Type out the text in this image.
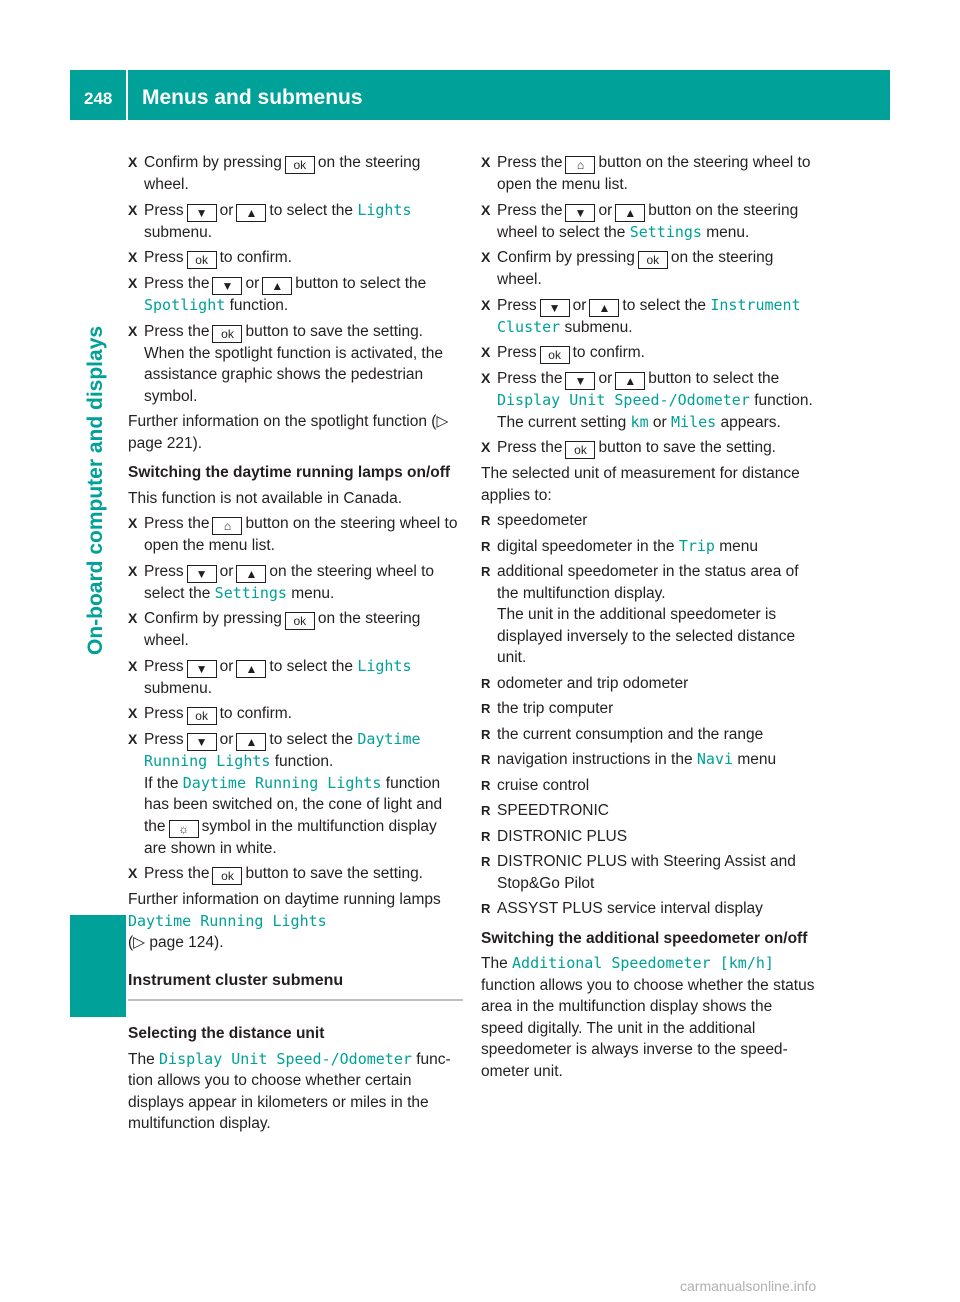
248 Menus and submenus
On-board computer and displays
X Confirm by pressing ok on the steering wheel.
X Press ▼ or ▲ to select the Lights submenu.
X Press ok to confirm.
X Press the ▼ or ▲ button to select the Spotlight function.
X Press the ok button to save the setting.
When the spotlight function is activated, the assistance graphic shows the pedestrian symbol.
Further information on the spotlight function (▷ page 221).
Switching the daytime running lamps on/off
This function is not available in Canada.
X Press the ⌂ button on the steering wheel to open the menu list.
X Press ▼ or ▲ on the steering wheel to select the Settings menu.
X Confirm by pressing ok on the steering wheel.
X Press ▼ or ▲ to select the Lights submenu.
X Press ok to confirm.
X Press ▼ or ▲ to select the Daytime Running Lights function.
If the Daytime Running Lights function has been switched on, the cone of light and the ☼ symbol in the multifunction display are shown in white.
X Press the ok button to save the setting.
Further information on daytime running lamps Daytime Running Lights
(▷ page 124).
Instrument cluster submenu
Selecting the distance unit
The Display Unit Speed-/Odometer function allows you to choose whether certain displays appear in kilometers or miles in the multifunction display.
X Press the ⌂ button on the steering wheel to open the menu list.
X Press the ▼ or ▲ button on the steering wheel to select the Settings menu.
X Confirm by pressing ok on the steering wheel.
X Press ▼ or ▲ to select the Instrument Cluster submenu.
X Press ok to confirm.
X Press the ▼ or ▲ button to select the Display Unit Speed-/Odometer function.
The current setting km or Miles appears.
X Press the ok button to save the setting.
The selected unit of measurement for distance applies to:
R speedometer
R digital speedometer in the Trip menu
R additional speedometer in the status area of the multifunction display.
The unit in the additional speedometer is displayed inversely to the selected distance unit.
R odometer and trip odometer
R the trip computer
R the current consumption and the range
R navigation instructions in the Navi menu
R cruise control
R SPEEDTRONIC
R DISTRONIC PLUS
R DISTRONIC PLUS with Steering Assist and Stop&Go Pilot
R ASSYST PLUS service interval display
Switching the additional speedometer on/off
The Additional Speedometer [km/h] function allows you to choose whether the status area in the multifunction display shows the speed digitally. The unit in the additional speedometer is always inverse to the speedometer unit.
carmanualsonline.info
